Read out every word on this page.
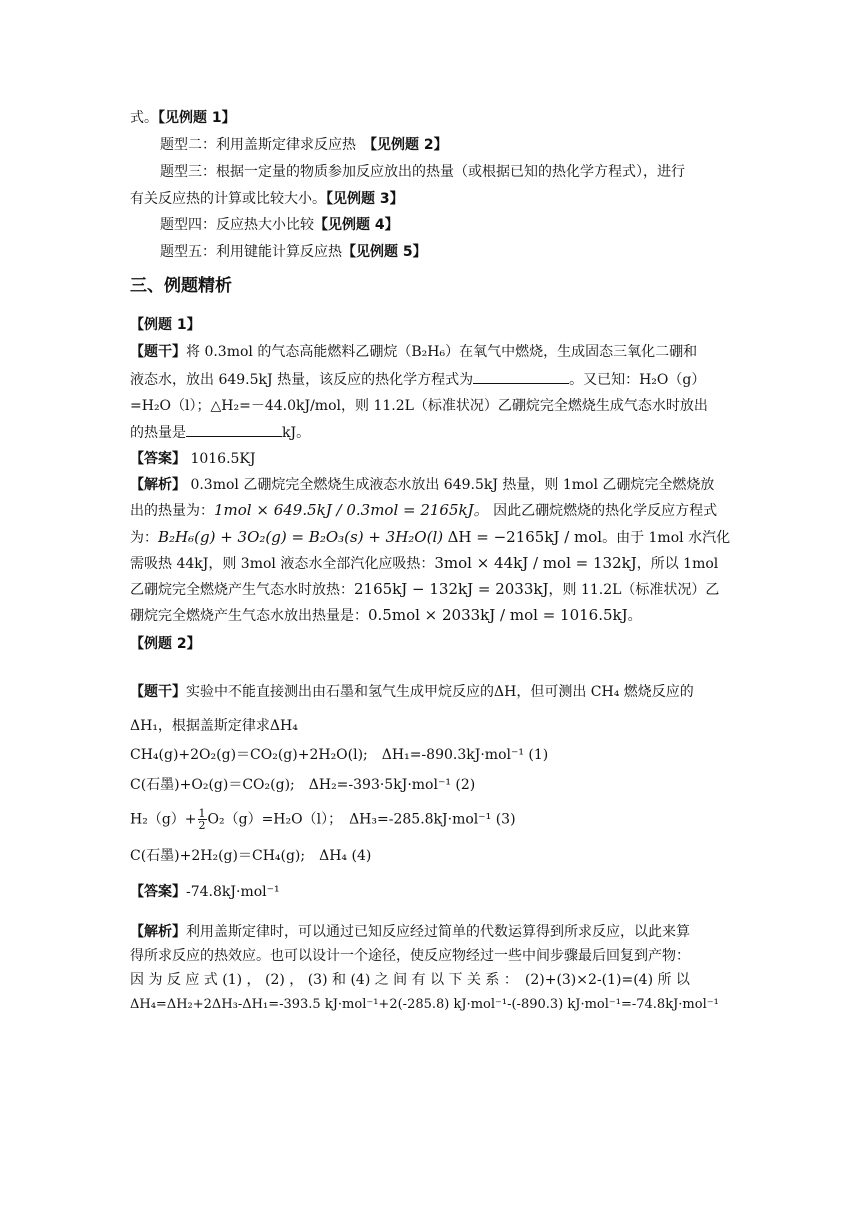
式。【见例题 1】
题型二：利用盖斯定律求反应热　【见例题 2】
题型三：根据一定量的物质参加反应放出的热量（或根据已知的热化学方程式），进行
有关反应热的计算或比较大小。【见例题 3】
题型四：反应热大小比较【见例题 4】
题型五：利用键能计算反应热【见例题 5】
三、例题精析
【例题 1】
【题干】将 0.3mol 的气态高能燃料乙硼烷（B₂H₆）在氧气中燃烧，生成固态三氧化二硼和
液态水，放出 649.5kJ 热量，该反应的热化学方程式为	。又已知：H₂O（g）
=H₂O（l）；△H₂=－44.0kJ/mol，则 11.2L（标准状况）乙硼烷完全燃烧生成气态水时放出
的热量是	kJ。
【答案】 1016.5KJ
【解析】 0.3mol 乙硼烷完全燃烧生成液态水放出 649.5kJ 热量，则 1mol 乙硼烷完全燃烧放
出的热量为：1mol × 649.5kJ / 0.3mol = 2165kJ。 因此乙硼烷燃烧的热化学反应方程式
为：B₂H₆(g) + 3O₂(g) = B₂O₃(s) + 3H₂O(l) ΔH = −2165kJ / mol。由于 1mol 水汽化
需吸热 44kJ，则 3mol 液态水全部汽化应吸热：3mol × 44kJ / mol = 132kJ，所以 1mol
乙硼烷完全燃烧产生气态水时放热：2165kJ − 132kJ = 2033kJ，则 11.2L（标准状况）乙
硼烷完全燃烧产生气态水放出热量是：0.5mol × 2033kJ / mol = 1016.5kJ。
【例题 2】
【题干】实验中不能直接测出由石墨和氢气生成甲烷反应的ΔH，但可测出 CH₄ 燃烧反应的
ΔH₁，根据盖斯定律求ΔH₄
CH₄(g)+2O₂(g)＝CO₂(g)+2H₂O(l);　ΔH₁=-890.3kJ·mol⁻¹ (1)
C(石墨)+O₂(g)＝CO₂(g);　ΔH₂=-393·5kJ·mol⁻¹ (2)
$H_2(g)+ \frac{1}{2} O_2(g)=H_2O(l)$；　ΔH₃=-285.8kJ·mol⁻¹ (3)
C(石墨)+2H₂(g)＝CH₄(g);　ΔH₄ (4)
【答案】-74.8kJ·mol⁻¹
【解析】利用盖斯定律时，可以通过已知反应经过简单的代数运算得到所求反应，以此来算
得所求反应的热效应。也可以设计一个途径，使反应物经过一些中间步骤最后回复到产物：
因 为 反 应 式 (1) ， (2) ， (3) 和 (4) 之 间 有 以 下 关 系 ：　(2)+(3)×2-(1)=(4) 所 以
ΔH₄=ΔH₂+2ΔH₃-ΔH₁=-393.5 kJ·mol⁻¹+2(-285.8) kJ·mol⁻¹-(-890.3) kJ·mol⁻¹=-74.8kJ·mol⁻¹
